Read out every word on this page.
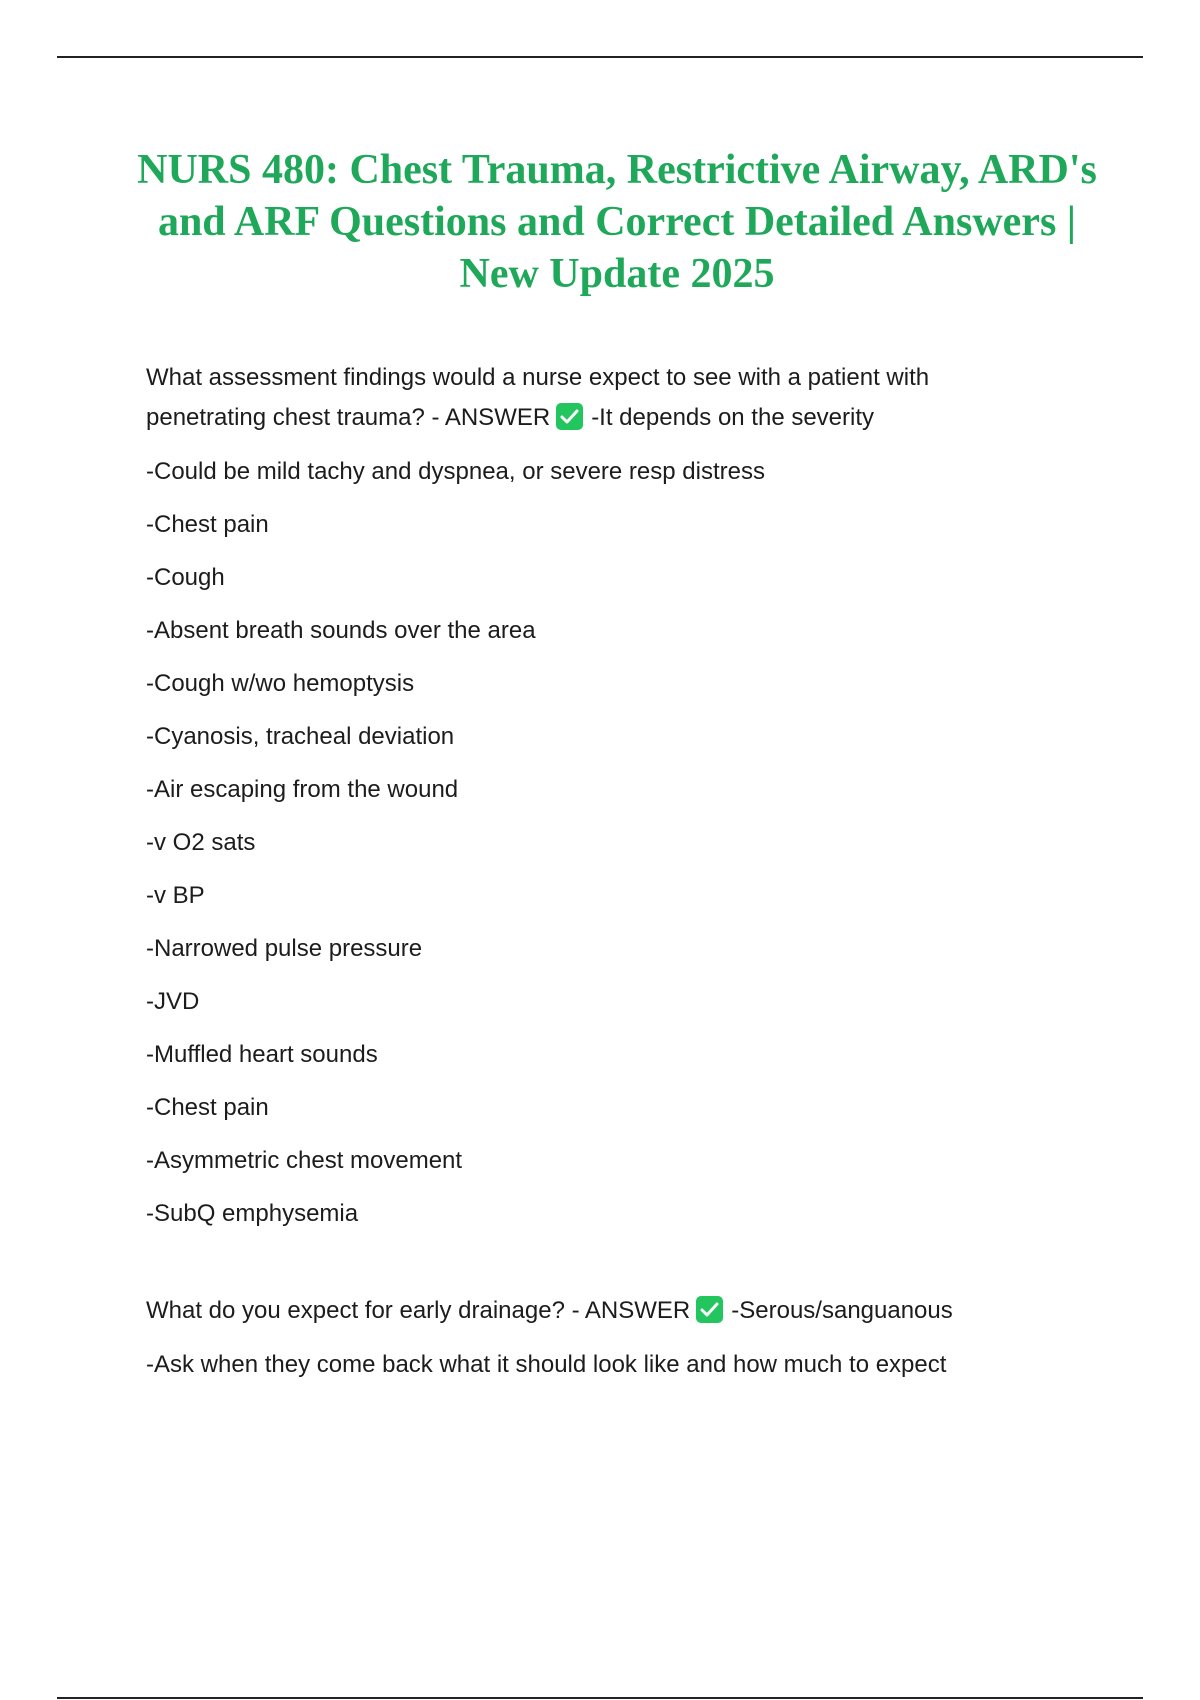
NURS 480: Chest Trauma, Restrictive Airway, ARD's and ARF Questions and Correct Detailed Answers | New Update 2025

What assessment findings would a nurse expect to see with a patient with penetrating chest trauma? - ANSWER -It depends on the severity

-Could be mild tachy and dyspnea, or severe resp distress

-Chest pain

-Cough

-Absent breath sounds over the area

-Cough w/wo hemoptysis

-Cyanosis, tracheal deviation

-Air escaping from the wound

-v O2 sats

-v BP

-Narrowed pulse pressure

-JVD

-Muffled heart sounds

-Chest pain

-Asymmetric chest movement

-SubQ emphysemia

What do you expect for early drainage? - ANSWER -Serous/sanguanous

-Ask when they come back what it should look like and how much to expect
